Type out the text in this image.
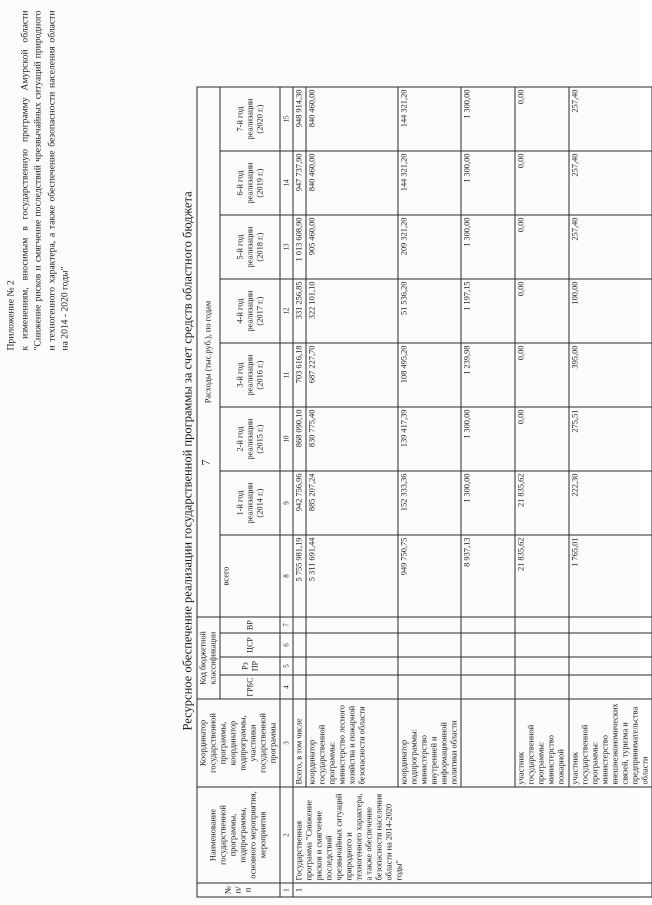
7
Приложение № 2 к изменениям, вносимым в государственную программу Амурской области "Снижение рисков и смягчение последствий чрезвычайных ситуаций природного и техногенного характера, а также обеспечение безопасности населения области на 2014 - 2020 годы"	Ресурсное обеспечение реализации государственной программы за счет средств областного бюджета
№ п/п	Наименование государственной программы, подпрограммы, основного мероприятия, мероприятия	Координатор государственной программы, координатор подпрограммы, участники государственной программы	Код бюджетной классификации				Расходы (тыс.руб.), по годам							
			ГРБС	Рз ПР	ЦСР	ВР	всего	1-й год реализации (2014 г.)	2-й год реализации (2015 г.)	3-й год реализации (2016 г.)	4-й год реализации (2017 г.)	5-й год реализации (2018 г.)	6-й год реализации (2019 г.)	7-й год реализации (2020 г.)

1	2	3	4	5	6	7	8	9	10	11	12	13	14	15
1	Государственная программа "Снижение рисков и смягчение последствий чрезвычайных ситуаций природного и техногенного характера, а также обеспечение безопасности населения области на 2014-2020 годы"	Всего, в том числе					5 755 981,19	942 756,96	868 090,10	703 616,18	331 256,85	1 013 608,90	947 737,90	948 914,30
		координатор государственной программы: министерство лесного хозяйства и пожарной безопасности области					5 311 691,44	885 207,24	830 775,40	687 227,70	322 101,10	905 460,00	840 460,00	840 460,00
		координатор подпрограммы: министерство внутренней и информационной политики области					949 750,75	152 333,36	139 417,39	108 495,20	51 536,20	209 321,20	144 321,20	144 321,20
							8 937,13	1 300,00	1 300,00	1 239,98	1 197,15	1 300,00	1 300,00	1 300,00
		участник государственной программы: министерство пожарной					21 835,62	21 835,62	0,00	0,00	0,00	0,00	0,00	0,00
		участник государственной программы: министерство внешнеэкономических связей, туризма и предпринимательства области					1 765,01	222,30	275,51	395,00	100,00	257,40	257,40	257,40
